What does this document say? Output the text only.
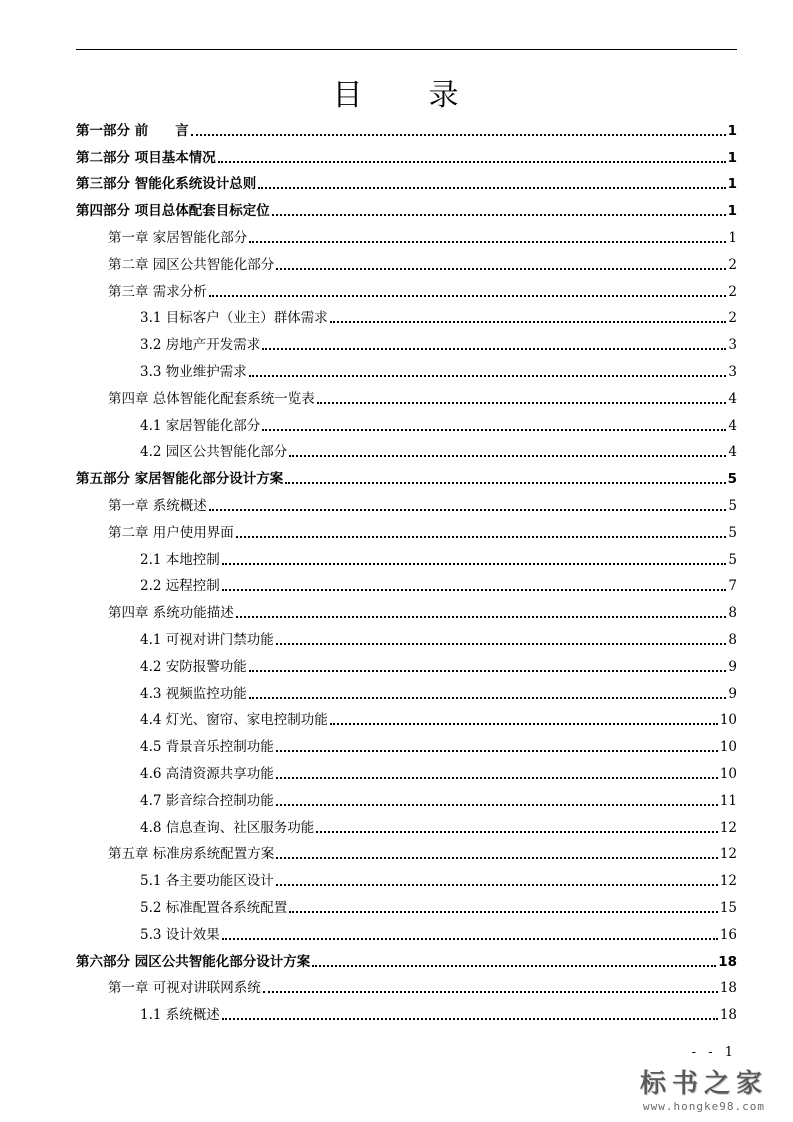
目　　录
第一部分 前　　言	1
第二部分 项目基本情况	1
第三部分 智能化系统设计总则	1
第四部分 项目总体配套目标定位	1
第一章 家居智能化部分	1
第二章 园区公共智能化部分	2
第三章 需求分析	2
3.1 目标客户（业主）群体需求	2
3.2 房地产开发需求	3
3.3 物业维护需求	3
第四章 总体智能化配套系统一览表	4
4.1 家居智能化部分	4
4.2 园区公共智能化部分	4
第五部分 家居智能化部分设计方案	5
第一章 系统概述	5
第二章 用户使用界面	5
2.1 本地控制	5
2.2 远程控制	7
第四章 系统功能描述	8
4.1 可视对讲门禁功能	8
4.2 安防报警功能	9
4.3 视频监控功能	9
4.4 灯光、窗帘、家电控制功能	10
4.5 背景音乐控制功能	10
4.6 高清资源共享功能	10
4.7 影音综合控制功能	11
4.8 信息查询、社区服务功能	12
第五章 标准房系统配置方案	12
5.1 各主要功能区设计	12
5.2 标准配置各系统配置	15
5.3 设计效果	16
第六部分 园区公共智能化部分设计方案	18
第一章 可视对讲联网系统	18
1.1 系统概述	18
- - 1
标书之家
www.hongke98.com
